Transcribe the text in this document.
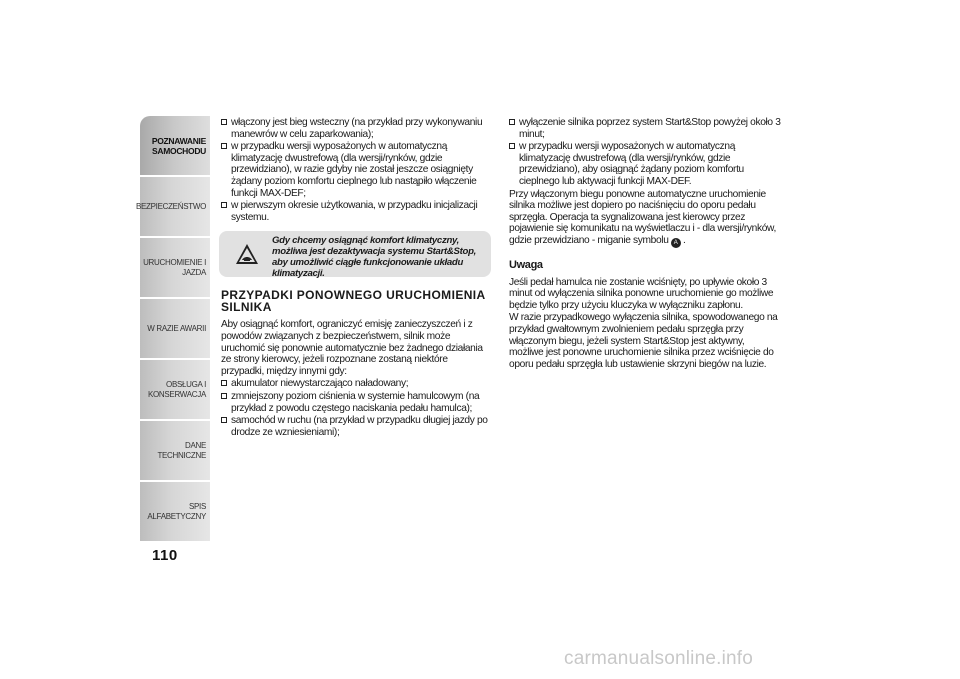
POZNAWANIE
SAMOCHODU
BEZPIECZEŃSTWO
URUCHOMIENIE I
JAZDA
W RAZIE AWARII
OBSŁUGA I
KONSERWACJA
DANE TECHNICZNE
SPIS ALFABETYCZNY
110
włączony jest bieg wsteczny (na przykład przy wykonywaniu manewrów w celu zaparkowania);
w przypadku wersji wyposażonych w automatyczną klimatyzację dwustrefową (dla wersji/rynków, gdzie przewidziano), w razie gdyby nie został jeszcze osiągnięty żądany poziom komfortu cieplnego lub nastąpiło włączenie funkcji MAX-DEF;
w pierwszym okresie użytkowania, w przypadku inicjalizacji systemu.
Gdy chcemy osiągnąć komfort klimatyczny, możliwa jest dezaktywacja systemu Start&Stop, aby umożliwić ciągłe funkcjonowanie układu klimatyzacji.
PRZYPADKI PONOWNEGO URUCHOMIENIA SILNIKA

Aby osiągnąć komfort, ograniczyć emisję zanieczyszczeń i z powodów związanych z bezpieczeństwem, silnik może uruchomić się ponownie automatycznie bez żadnego działania ze strony kierowcy, jeżeli rozpoznane zostaną niektóre przypadki, między innymi gdy:

akumulator niewystarczająco naładowany;
zmniejszony poziom ciśnienia w systemie hamulcowym (na przykład z powodu częstego naciskania pedału hamulca);
samochód w ruchu (na przykład w przypadku długiej jazdy po drodze ze wzniesieniami);
wyłączenie silnika poprzez system Start&Stop powyżej około 3 minut;
w przypadku wersji wyposażonych w automatyczną klimatyzację dwustrefową (dla wersji/rynków, gdzie przewidziano), aby osiągnąć żądany poziom komfortu cieplnego lub aktywacji funkcji MAX-DEF.

Przy włączonym biegu ponowne automatyczne uruchomienie silnika możliwe jest dopiero po naciśnięciu do oporu pedału sprzęgła. Operacja ta sygnalizowana jest kierowcy przez pojawienie się komunikatu na wyświetlaczu i - dla wersji/rynków, gdzie przewidziano - miganie symbolu A .

Uwaga

Jeśli pedał hamulca nie zostanie wciśnięty, po upływie około 3 minut od wyłączenia silnika ponowne uruchomienie go możliwe będzie tylko przy użyciu kluczyka w wyłączniku zapłonu.

W razie przypadkowego wyłączenia silnika, spowodowanego na przykład gwałtownym zwolnieniem pedału sprzęgła przy włączonym biegu, jeżeli system Start&Stop jest aktywny, możliwe jest ponowne uruchomienie silnika przez wciśnięcie do oporu pedału sprzęgła lub ustawienie skrzyni biegów na luzie.

carmanualsonline.info
